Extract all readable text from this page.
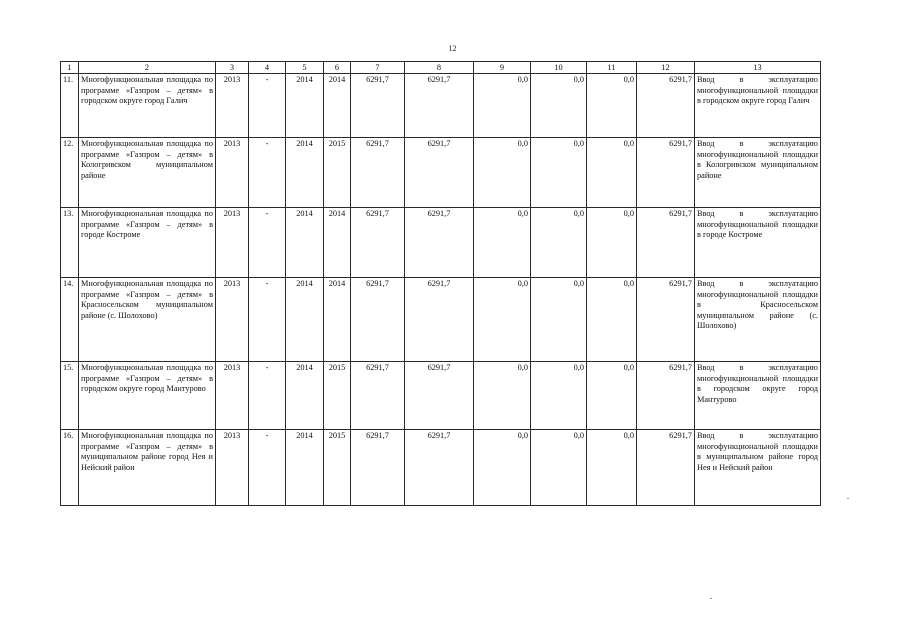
12
1	2	3	4	5	6	7	8	9	10	11	12	13
11.	Многофункциональная площадка по программе «Газпром – детям» в городском округе город Галич	2013	-	2014	2014	6291,7	6291,7	0,0	0,0	0,0	6291,7	Ввод в эксплуатацию многофункциональной площадки в городском округе город Галич
12.	Многофункциональная площадка по программе «Газпром – детям» в Кологривском муниципальном районе	2013	-	2014	2015	6291,7	6291,7	0,0	0,0	0,0	6291,7	Ввод в эксплуатацию многофункциональной площадки в Кологривском муниципальном районе
13.	Многофункциональная площадка по программе «Газпром – детям» в городе Костроме	2013	-	2014	2014	6291,7	6291,7	0,0	0,0	0,0	6291,7	Ввод в эксплуатацию многофункциональной площадки в городе Костроме
14.	Многофункциональная площадка по программе «Газпром – детям» в Красносельском муниципальном районе (с. Шолохово)	2013	-	2014	2014	6291,7	6291,7	0,0	0,0	0,0	6291,7	Ввод в эксплуатацию многофункциональной площадки в Красносельском муниципальном районе (с. Шолохово)
15.	Многофункциональная площадка по программе «Газпром – детям» в городском округе город Мантурово	2013	-	2014	2015	6291,7	6291,7	0,0	0,0	0,0	6291,7	Ввод в эксплуатацию многофункциональной площадки в городском округе город Мантурово
16.	Многофункциональная площадка по программе «Газпром – детям» в муниципальном районе город Нея и Нейский район	2013	-	2014	2015	6291,7	6291,7	0,0	0,0	0,0	6291,7	Ввод в эксплуатацию многофункциональной площадки в муниципальном районе город Нея и Нейский район
